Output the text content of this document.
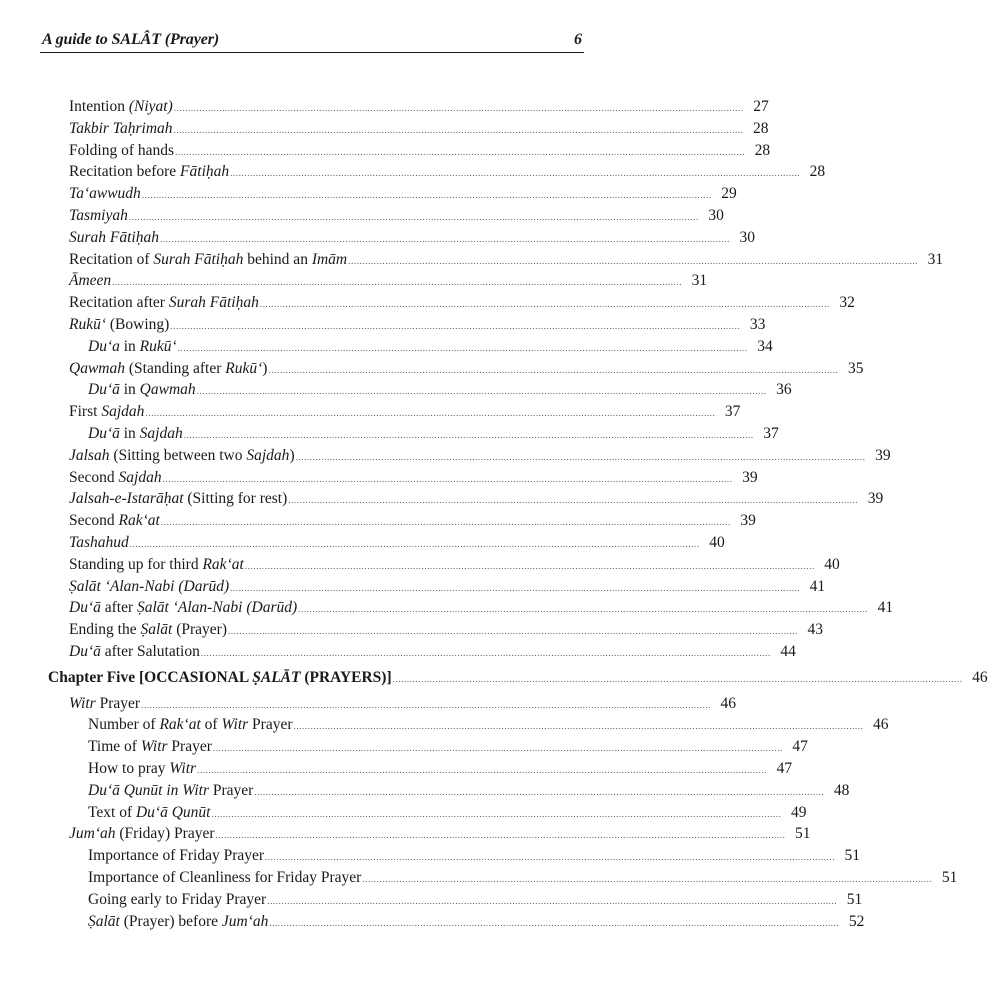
A guide to SALÂT (Prayer)	6
Intention (Niyat) ........................................................................................................................................................................................................ 27
Takbir Taḥrimah ........................................................................................................................................................................................................ 28
Folding of hands ........................................................................................................................................................................................................ 28
Recitation before Fātiḥah ........................................................................................................................................................................................................ 28
Ta‘awwudh ........................................................................................................................................................................................................ 29
Tasmiyah ........................................................................................................................................................................................................ 30
Surah Fātiḥah ........................................................................................................................................................................................................ 30
Recitation of Surah Fātiḥah behind an Imām ........................................................................................................................................................................................................ 31
Āmeen ........................................................................................................................................................................................................ 31
Recitation after Surah Fātiḥah ........................................................................................................................................................................................................ 32
Rukū‘ (Bowing) ........................................................................................................................................................................................................ 33
Du‘a in Rukū‘ ........................................................................................................................................................................................................ 34
Qawmah (Standing after Rukū‘) ........................................................................................................................................................................................................ 35
Du‘ā in Qawmah ........................................................................................................................................................................................................ 36
First Sajdah ........................................................................................................................................................................................................ 37
Du‘ā in Sajdah ........................................................................................................................................................................................................ 37
Jalsah (Sitting between two Sajdah) ........................................................................................................................................................................................................ 39
Second Sajdah ........................................................................................................................................................................................................ 39
Jalsah-e-Istarāḥat (Sitting for rest) ........................................................................................................................................................................................................ 39
Second Rak‘at ........................................................................................................................................................................................................ 39
Tashahud ........................................................................................................................................................................................................ 40
Standing up for third Rak‘at ........................................................................................................................................................................................................ 40
Ṣalāt ‘Alan-Nabi (Darūd) ........................................................................................................................................................................................................ 41
Du‘ā after Ṣalāt ‘Alan-Nabi (Darūd) ........................................................................................................................................................................................................ 41
Ending the Ṣalāt (Prayer) ........................................................................................................................................................................................................ 43
Du‘ā after Salutation ........................................................................................................................................................................................................ 44
Chapter Five [OCCASIONAL ṢALĀT (PRAYERS)] ........................................................................................................................................................................................................ 46
Witr Prayer ........................................................................................................................................................................................................ 46
Number of Rak‘at of Witr Prayer ........................................................................................................................................................................................................ 46
Time of Witr Prayer ........................................................................................................................................................................................................ 47
How to pray Witr ........................................................................................................................................................................................................ 47
Du‘ā Qunūt in Witr Prayer ........................................................................................................................................................................................................ 48
Text of Du‘ā Qunūt ........................................................................................................................................................................................................ 49
Jum‘ah (Friday) Prayer ........................................................................................................................................................................................................ 51
Importance of Friday Prayer ........................................................................................................................................................................................................ 51
Importance of Cleanliness for Friday Prayer ........................................................................................................................................................................................................ 51
Going early to Friday Prayer ........................................................................................................................................................................................................ 51
Ṣalāt (Prayer) before Jum‘ah ........................................................................................................................................................................................................ 52
